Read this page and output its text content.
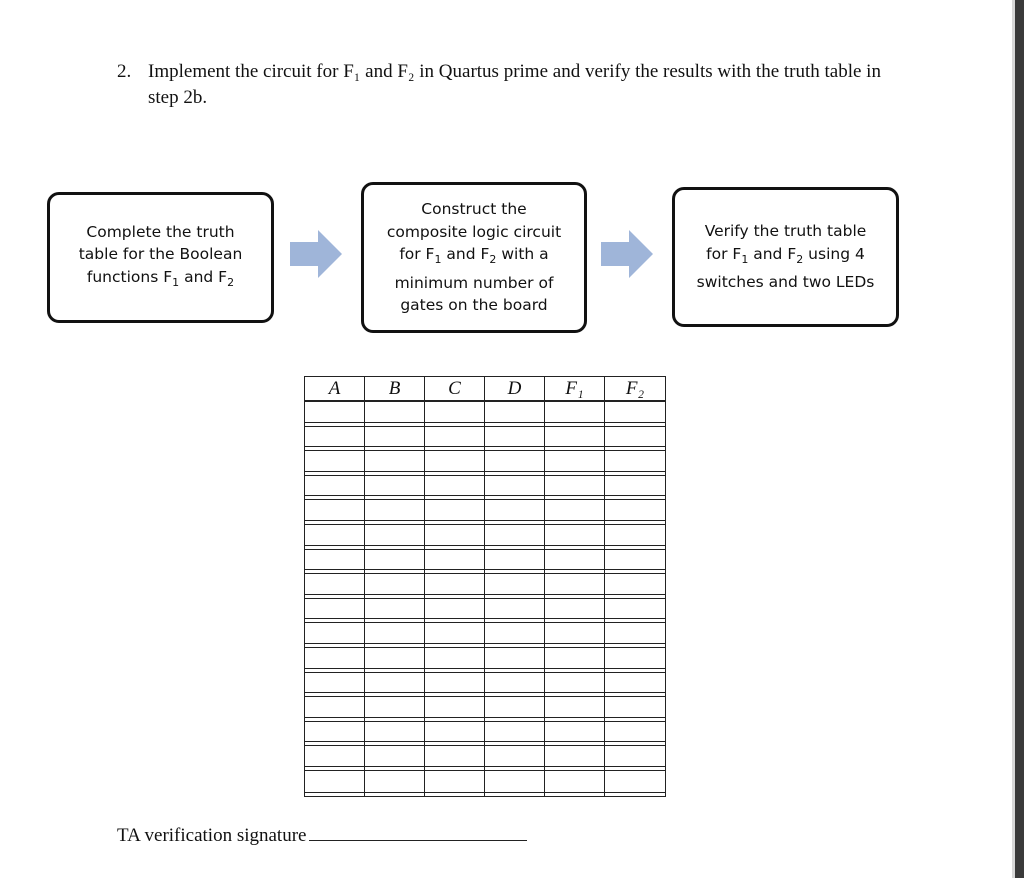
2. Implement the circuit for F₁ and F₂ in Quartus prime and verify the results with the truth table in step 2b.
Complete the truth
table for the Boolean
functions $F_1$ and $F_2$
Construct the
composite logic circuit
for $F_1$ and $F_2$ with a
minimum number of
gates on the board
Verify the truth table
for $F_1$ and $F_2$ using 4
switches and two LEDs
A	B	C	D	F₁	F₂

TA verification signature
